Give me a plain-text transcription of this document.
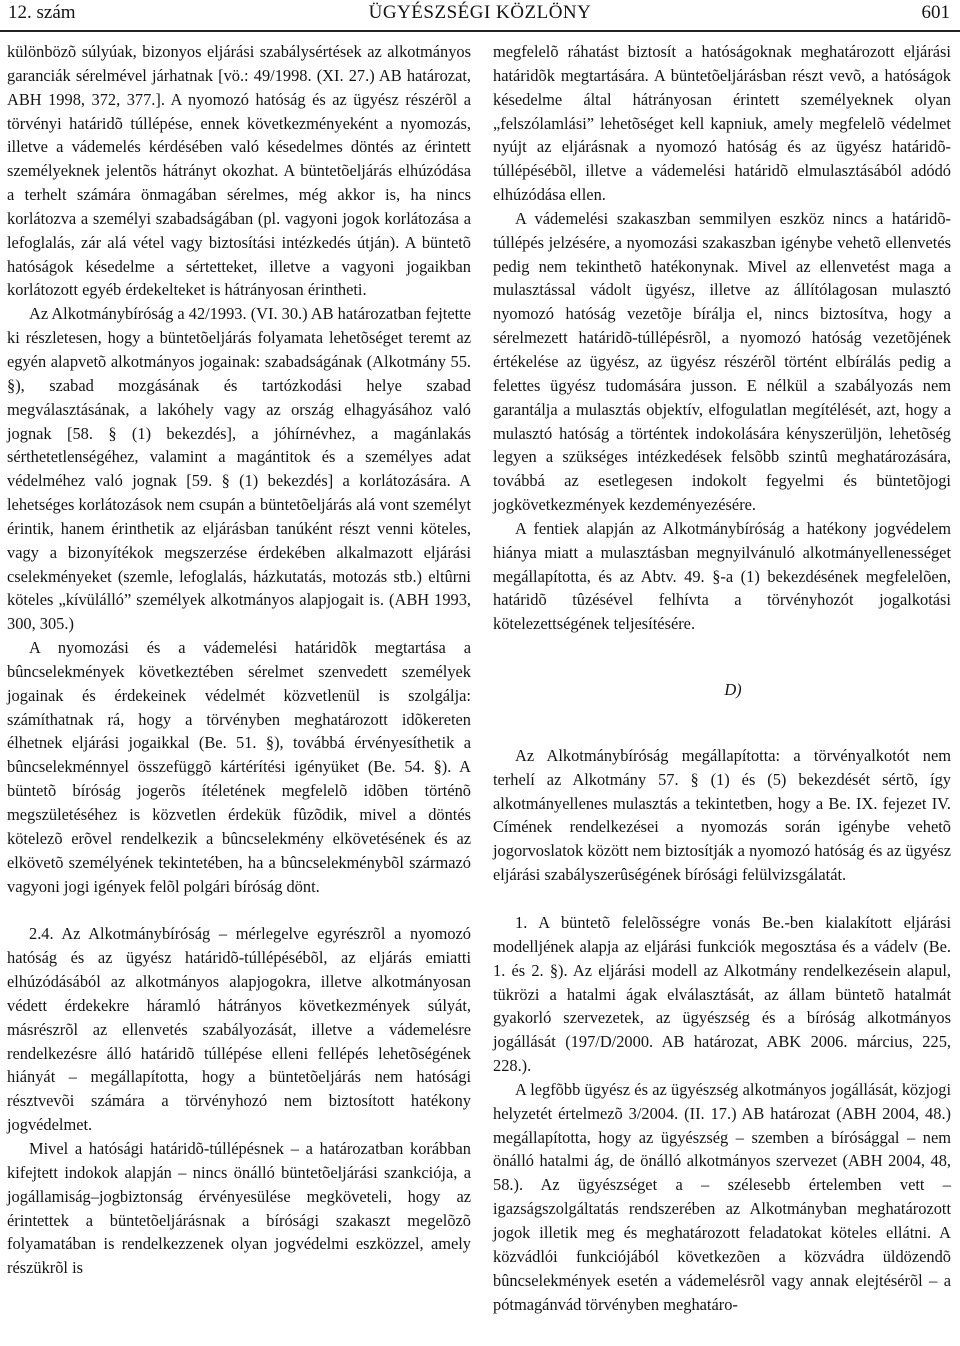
12. szám	ÜGYÉSZSÉGI KÖZLÖNY	601

különbözõ súlyúak, bizonyos eljárási szabálysértések az alkotmányos garanciák sérelmével járhatnak [vö.: 49/1998. (XI. 27.) AB határozat, ABH 1998, 372, 377.]. A nyomozó hatóság és az ügyész részérõl a törvényi határidõ túllépése, ennek következményeként a nyomozás, illetve a vádemelés kérdésében való késedelmes döntés az érintett személyeknek jelentõs hátrányt okozhat. A büntetõeljárás elhúzódása a terhelt számára önmagában sérelmes, még akkor is, ha nincs korlátozva a személyi szabadságában (pl. vagyoni jogok korlátozása a lefoglalás, zár alá vétel vagy biztosítási intézkedés útján). A büntetõ hatóságok késedelme a sértetteket, illetve a vagyoni jogaikban korlátozott egyéb érdekelteket is hátrányosan érintheti.

Az Alkotmánybíróság a 42/1993. (VI. 30.) AB határozatban fejtette ki részletesen, hogy a büntetõeljárás folyamata lehetõséget teremt az egyén alapvetõ alkotmányos jogainak: szabadságának (Alkotmány 55. §), szabad mozgásának és tartózkodási helye szabad megválasztásának, a lakóhely vagy az ország elhagyásához való jognak [58. § (1) bekezdés], a jóhírnévhez, a magánlakás sérthetetlenségéhez, valamint a magántitok és a személyes adat védelméhez való jognak [59. § (1) bekezdés] a korlátozására. A lehetséges korlátozások nem csupán a büntetõeljárás alá vont személyt érintik, hanem érinthetik az eljárásban tanúként részt venni köteles, vagy a bizonyítékok megszerzése érdekében alkalmazott eljárási cselekményeket (szemle, lefoglalás, házkutatás, motozás stb.) eltûrni köteles „kívülálló” személyek alkotmányos alapjogait is. (ABH 1993, 300, 305.)

A nyomozási és a vádemelési határidõk megtartása a bûncselekmények következtében sérelmet szenvedett személyek jogainak és érdekeinek védelmét közvetlenül is szolgálja: számíthatnak rá, hogy a törvényben meghatározott idõkereten élhetnek eljárási jogaikkal (Be. 51. §), továbbá érvényesíthetik a bûncselekménnyel összefüggõ kártérítési igényüket (Be. 54. §). A büntetõ bíróság jogerõs ítéletének megfelelõ idõben történõ megszületéséhez is közvetlen érdekük fûzõdik, mivel a döntés kötelezõ erõvel rendelkezik a bûncselekmény elkövetésének és az elkövetõ személyének tekintetében, ha a bûncselekménybõl származó vagyoni jogi igények felõl polgári bíróság dönt.

2.4. Az Alkotmánybíróság – mérlegelve egyrészrõl a nyomozó hatóság és az ügyész határidõ-túllépésébõl, az eljárás emiatti elhúzódásából az alkotmányos alapjogokra, illetve alkotmányosan védett érdekekre háramló hátrányos következmények súlyát, másrészrõl az ellenvetés szabályozását, illetve a vádemelésre rendelkezésre álló határidõ túllépése elleni fellépés lehetõségének hiányát – megállapította, hogy a büntetõeljárás nem hatósági résztvevõi számára a törvényhozó nem biztosított hatékony jogvédelmet.

Mivel a hatósági határidõ-túllépésnek – a határozatban korábban kifejtett indokok alapján – nincs önálló büntetõeljárási szankciója, a jogállamiság–jogbiztonság érvényesülése megköveteli, hogy az érintettek a büntetõeljárásnak a bírósági szakaszt megelõzõ folyamatában is rendelkezzenek olyan jogvédelmi eszközzel, amely részükrõl is

megfelelõ ráhatást biztosít a hatóságoknak meghatározott eljárási határidõk megtartására. A büntetõeljárásban részt vevõ, a hatóságok késedelme által hátrányosan érintett személyeknek olyan „felszólamlási” lehetõséget kell kapniuk, amely megfelelõ védelmet nyújt az eljárásnak a nyomozó hatóság és az ügyész határidõ-túllépésébõl, illetve a vádemelési határidõ elmulasztásából adódó elhúzódása ellen.

A vádemelési szakaszban semmilyen eszköz nincs a határidõ-túllépés jelzésére, a nyomozási szakaszban igénybe vehetõ ellenvetés pedig nem tekinthetõ hatékonynak. Mivel az ellenvetést maga a mulasztással vádolt ügyész, illetve az állítólagosan mulasztó nyomozó hatóság vezetõje bírálja el, nincs biztosítva, hogy a sérelmezett határidõ-túllépésrõl, a nyomozó hatóság vezetõjének értékelése az ügyész, az ügyész részérõl történt elbírálás pedig a felettes ügyész tudomására jusson. E nélkül a szabályozás nem garantálja a mulasztás objektív, elfogulatlan megítélését, azt, hogy a mulasztó hatóság a történtek indokolására kényszerüljön, lehetõség legyen a szükséges intézkedések felsõbb szintû meghatározására, továbbá az esetlegesen indokolt fegyelmi és büntetõjogi jogkövetkezmények kezdeményezésére.

A fentiek alapján az Alkotmánybíróság a hatékony jogvédelem hiánya miatt a mulasztásban megnyilvánuló alkotmányellenességet megállapította, és az Abtv. 49. §-a (1) bekezdésének megfelelõen, határidõ tûzésével felhívta a törvényhozót jogalkotási kötelezettségének teljesítésére.

D)

Az Alkotmánybíróság megállapította: a törvényalkotót nem terhelí az Alkotmány 57. § (1) és (5) bekezdését sértõ, így alkotmányellenes mulasztás a tekintetben, hogy a Be. IX. fejezet IV. Címének rendelkezései a nyomozás során igénybe vehetõ jogorvoslatok között nem biztosítják a nyomozó hatóság és az ügyész eljárási szabályszerûségének bírósági felülvizsgálatát.

1. A büntetõ felelõsségre vonás Be.-ben kialakított eljárási modelljének alapja az eljárási funkciók megosztása és a vádelv (Be. 1. és 2. §). Az eljárási modell az Alkotmány rendelkezésein alapul, tükrözi a hatalmi ágak elválasztását, az állam büntetõ hatalmát gyakorló szervezetek, az ügyészség és a bíróság alkotmányos jogállását (197/D/2000. AB határozat, ABK 2006. március, 225, 228.).

A legfõbb ügyész és az ügyészség alkotmányos jogállását, közjogi helyzetét értelmezõ 3/2004. (II. 17.) AB határozat (ABH 2004, 48.) megállapította, hogy az ügyészség – szemben a bírósággal – nem önálló hatalmi ág, de önálló alkotmányos szervezet (ABH 2004, 48, 58.). Az ügyészséget a – szélesebb értelemben vett – igazságszolgáltatás rendszerében az Alkotmányban meghatározott jogok illetik meg és meghatározott feladatokat köteles ellátni. A közvádlói funkciójából következõen a közvádra üldözendõ bûncselekmények esetén a vádemelésrõl vagy annak elejtésérõl – a pótmagánvád törvényben meghatáro-
